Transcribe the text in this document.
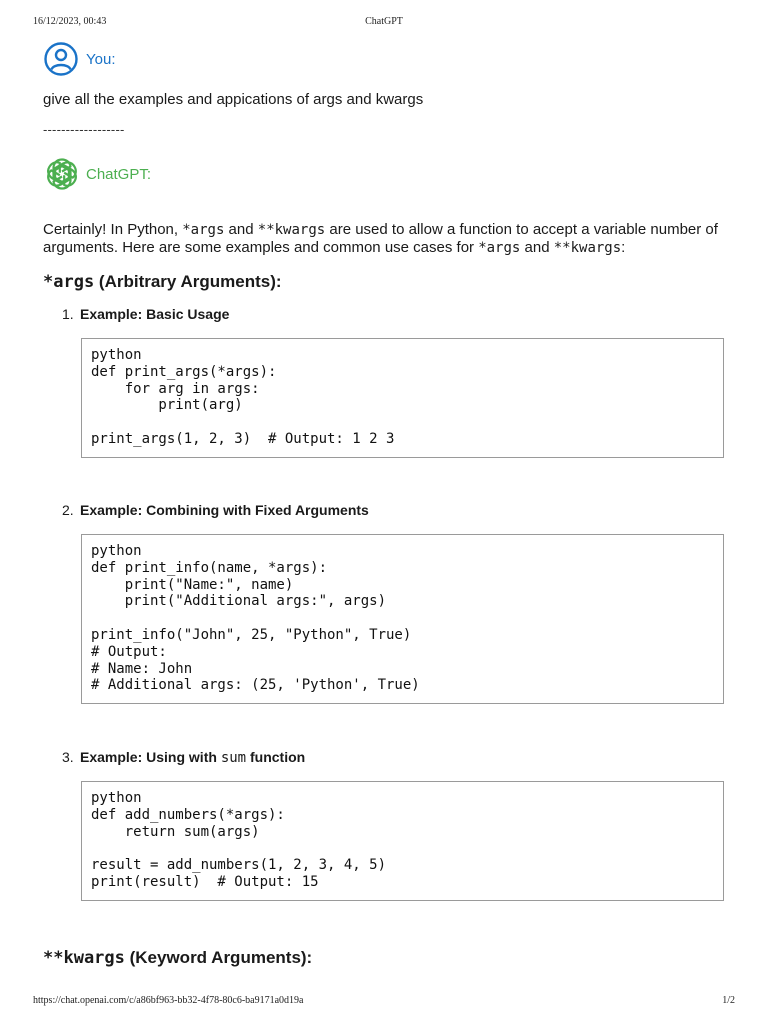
16/12/2023, 00:43	ChatGPT
You:
give all the examples and appications of args and kwargs
------------------
ChatGPT:
Certainly! In Python, *args and **kwargs are used to allow a function to accept a variable number of arguments. Here are some examples and common use cases for *args and **kwargs:
*args (Arbitrary Arguments):
1. Example: Basic Usage
python
def print_args(*args):
for arg in args:
print(arg)

print_args(1, 2, 3)  # Output: 1 2 3
2. Example: Combining with Fixed Arguments
python
def print_info(name, *args):
print("Name:", name)
print("Additional args:", args)

print_info("John", 25, "Python", True)
# Output:
# Name: John
# Additional args: (25, 'Python', True)
3. Example: Using with sum function
python
def add_numbers(*args):
return sum(args)

result = add_numbers(1, 2, 3, 4, 5)
print(result)  # Output: 15
**kwargs (Keyword Arguments):
https://chat.openai.com/c/a86bf963-bb32-4f78-80c6-ba9171a0d19a	1/2
